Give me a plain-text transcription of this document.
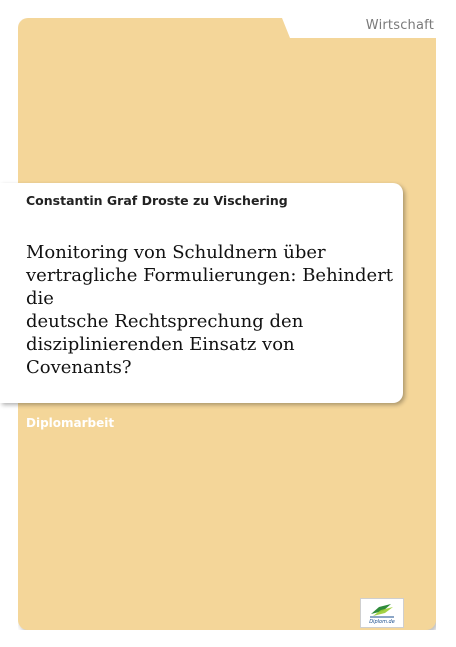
Wirtschaft
Constantin Graf Droste zu Vischering
Monitoring von Schuldnern über
vertragliche Formulierungen: Behindert die
deutsche Rechtsprechung den
disziplinierenden Einsatz von Covenants?
Diplomarbeit
Diplom.de
